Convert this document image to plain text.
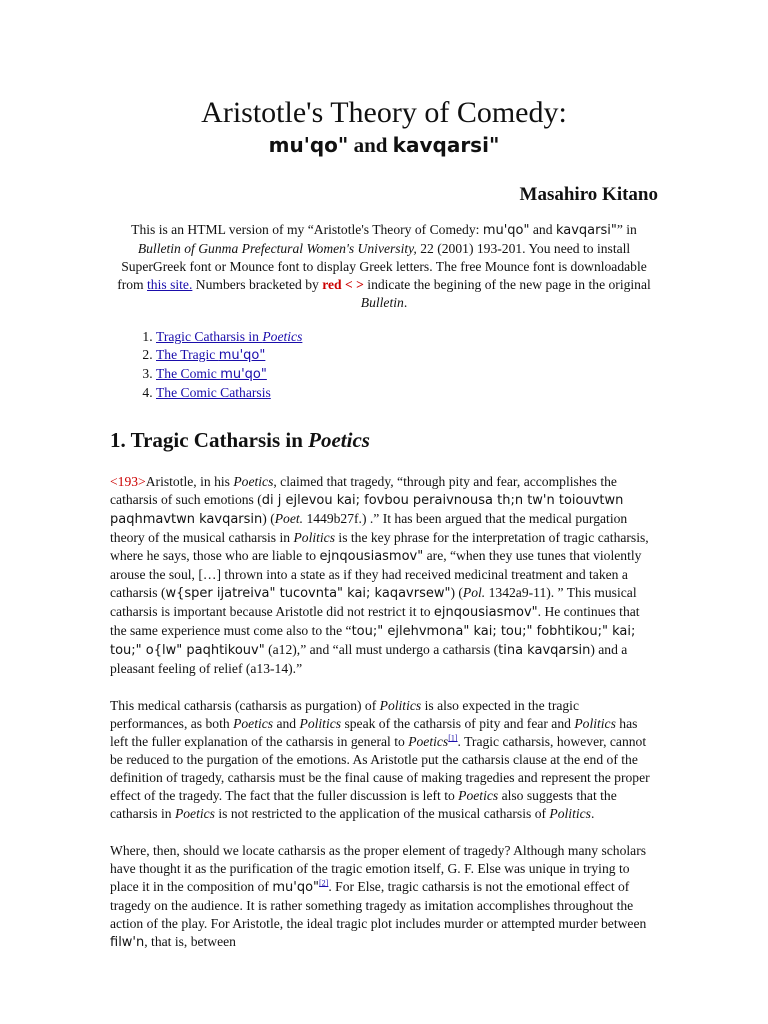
Aristotle's Theory of Comedy:
mu'qo" and kavqarsi"
Masahiro Kitano
This is an HTML version of my “Aristotle's Theory of Comedy: mu'qo" and kavqarsi"” in Bulletin of Gunma Prefectural Women's University, 22 (2001) 193-201. You need to install SuperGreek font or Mounce font to display Greek letters. The free Mounce font is downloadable from this site. Numbers bracketed by red < > indicate the begining of the new page in the original Bulletin.
1. Tragic Catharsis in Poetics
2. The Tragic mu'qo"
3. The Comic mu'qo"
4. The Comic Catharsis
1. Tragic Catharsis in Poetics

<193>Aristotle, in his Poetics, claimed that tragedy, “through pity and fear, accomplishes the catharsis of such emotions (di j ejlevou kai; fovbou peraivnousa th;n tw'n toiouvtwn paqhmavtwn kavqarsin) (Poet. 1449b27f.) .” It has been argued that the medical purgation theory of the musical catharsis in Politics is the key phrase for the interpretation of tragic catharsis, where he says, those who are liable to ejnqousiasmov" are, “when they use tunes that violently arouse the soul, […] thrown into a state as if they had received medicinal treatment and taken a catharsis (w{sper ijatreiva" tucovnta" kai; kaqavrsew") (Pol. 1342a9-11). ” This musical catharsis is important because Aristotle did not restrict it to ejnqousiasmov". He continues that the same experience must come also to the “tou;" ejlehvmona" kai; tou;" fobhtikou;" kai; tou;" o{lw" paqhtikouv" (a12),” and “all must undergo a catharsis (tina kavqarsin) and a pleasant feeling of relief (a13-14).”

This medical catharsis (catharsis as purgation) of Politics is also expected in the tragic performances, as both Poetics and Politics speak of the catharsis of pity and fear and Politics has left the fuller explanation of the catharsis in general to Poetics[1]. Tragic catharsis, however, cannot be reduced to the purgation of the emotions. As Aristotle put the catharsis clause at the end of the definition of tragedy, catharsis must be the final cause of making tragedies and represent the proper effect of the tragedy. The fact that the fuller discussion is left to Poetics also suggests that the catharsis in Poetics is not restricted to the application of the musical catharsis of Politics.

Where, then, should we locate catharsis as the proper element of tragedy? Although many scholars have thought it as the purification of the tragic emotion itself, G. F. Else was unique in trying to place it in the composition of mu'qo"[2]. For Else, tragic catharsis is not the emotional effect of tragedy on the audience. It is rather something tragedy as imitation accomplishes throughout the action of the play. For Aristotle, the ideal tragic plot includes murder or attempted murder between filw'n, that is, between
